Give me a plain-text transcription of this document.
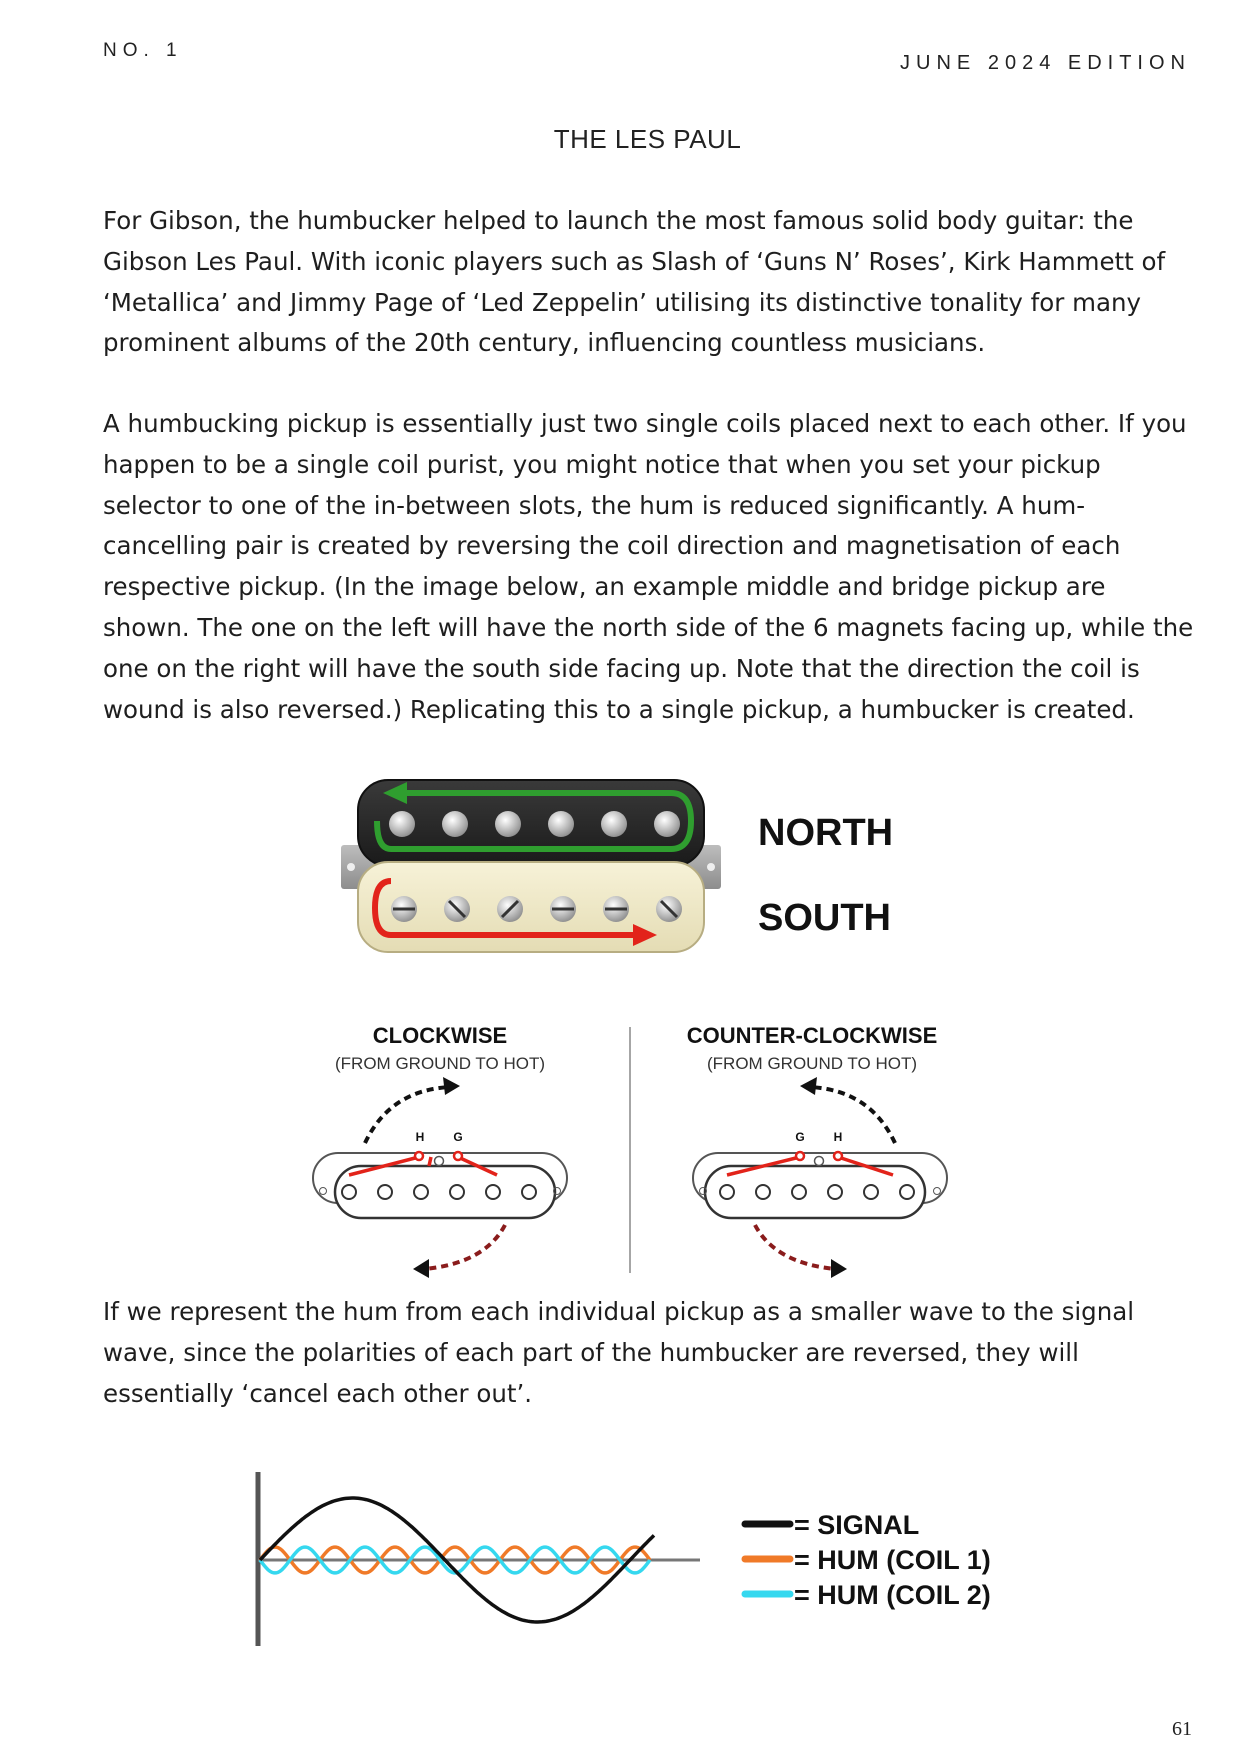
NO. 1
JUNE 2024 EDITION
THE LES PAUL

For Gibson, the humbucker helped to launch the most famous solid body guitar: the Gibson Les Paul. With iconic players such as Slash of ‘Guns N’ Roses’, Kirk Hammett of ‘Metallica’ and Jimmy Page of ‘Led Zeppelin’ utilising its distinctive tonality for many prominent albums of the 20th century, influencing countless musicians.

A humbucking pickup is essentially just two single coils placed next to each other. If you happen to be a single coil purist, you might notice that when you set your pickup selector to one of the in-between slots, the hum is reduced significantly. A hum-cancelling pair is created by reversing the coil direction and magnetisation of each respective pickup. (In the image below, an example middle and bridge pickup are shown. The one on the left will have the north side of the 6 magnets facing up, while the one on the right will have the south side facing up. Note that the direction the coil is wound is also reversed.) Replicating this to a single pickup, a humbucker is created.

NORTH
SOUTH
CLOCKWISE
(FROM GROUND TO HOT)
H G
COUNTER-CLOCKWISE
(FROM GROUND TO HOT)
G H

If we represent the hum from each individual pickup as a smaller wave to the signal wave, since the polarities of each part of the humbucker are reversed, they will essentially ‘cancel each other out’.

= SIGNAL
= HUM (COIL 1)
= HUM (COIL 2)
61
